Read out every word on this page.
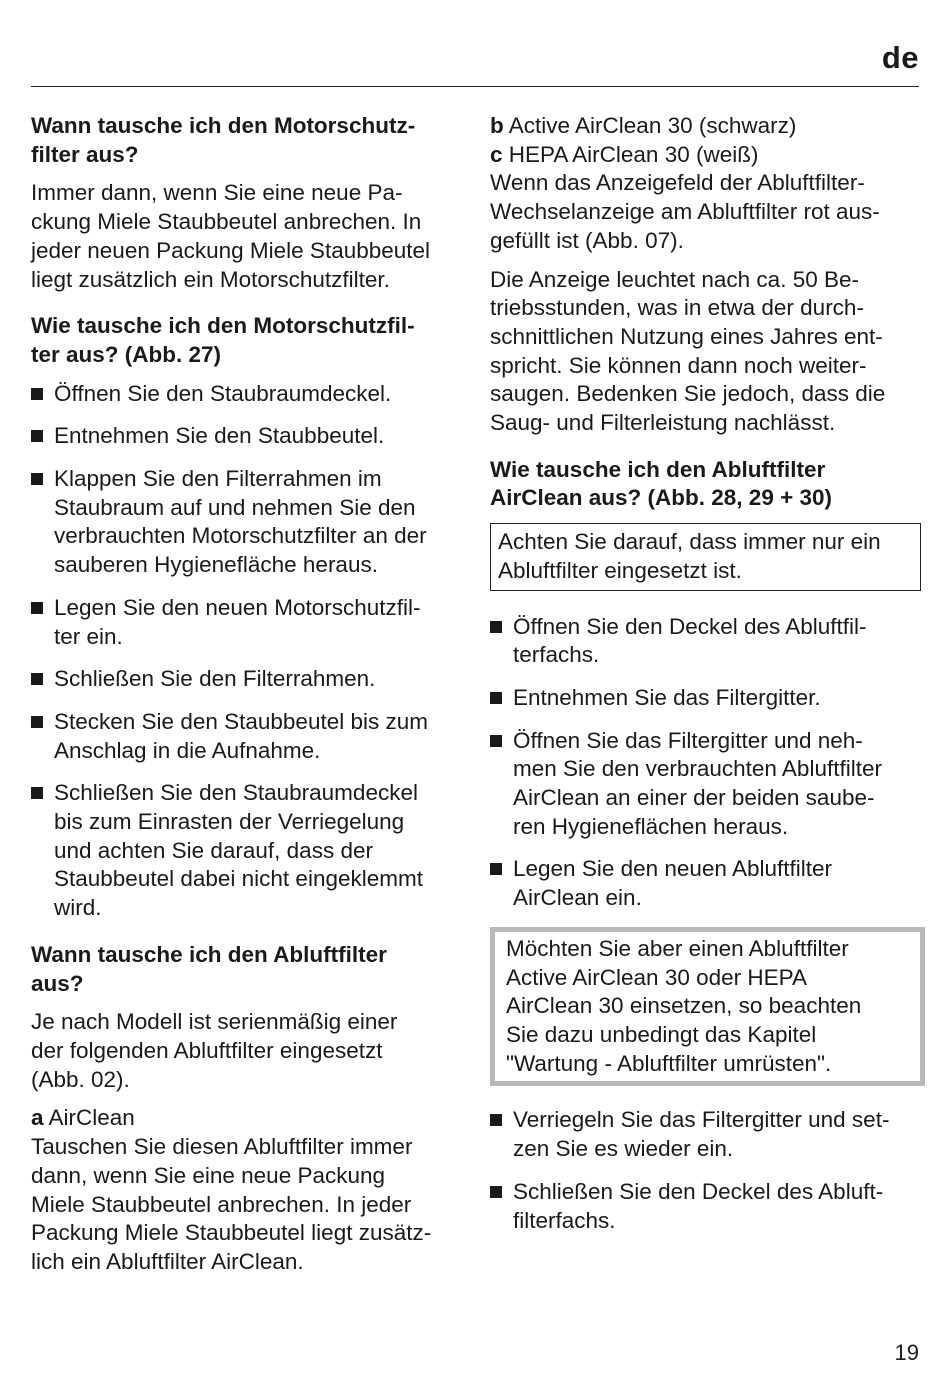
de
Wann tausche ich den Motorschutz-
filter aus?

Immer dann, wenn Sie eine neue Pa-
ckung Miele Staubbeutel anbrechen. In
jeder neuen Packung Miele Staubbeutel
liegt zusätzlich ein Motorschutzfilter.

Wie tausche ich den Motorschutzfil-
ter aus? (Abb. 27)
Öffnen Sie den Staubraumdeckel.
Entnehmen Sie den Staubbeutel.
Klappen Sie den Filterrahmen im
Staubraum auf und nehmen Sie den
verbrauchten Motorschutzfilter an der
sauberen Hygienefläche heraus.
Legen Sie den neuen Motorschutzfil-
ter ein.
Schließen Sie den Filterrahmen.
Stecken Sie den Staubbeutel bis zum
Anschlag in die Aufnahme.
Schließen Sie den Staubraumdeckel
bis zum Einrasten der Verriegelung
und achten Sie darauf, dass der
Staubbeutel dabei nicht eingeklemmt
wird.
Wann tausche ich den Abluftfilter
aus?

Je nach Modell ist serienmäßig einer
der folgenden Abluftfilter eingesetzt
(Abb. 02).

a AirClean
Tauschen Sie diesen Abluftfilter immer
dann, wenn Sie eine neue Packung
Miele Staubbeutel anbrechen. In jeder
Packung Miele Staubbeutel liegt zusätz-
lich ein Abluftfilter AirClean.

b Active AirClean 30 (schwarz)
c HEPA AirClean 30 (weiß)
Wenn das Anzeigefeld der Abluftfilter-
Wechselanzeige am Abluftfilter rot aus-
gefüllt ist (Abb. 07).

Die Anzeige leuchtet nach ca. 50 Be-
triebsstunden, was in etwa der durch-
schnittlichen Nutzung eines Jahres ent-
spricht. Sie können dann noch weiter-
saugen. Bedenken Sie jedoch, dass die
Saug- und Filterleistung nachlässt.

Wie tausche ich den Abluftfilter
AirClean aus? (Abb. 28, 29 + 30)
Achten Sie darauf, dass immer nur ein
Abluftfilter eingesetzt ist.
Öffnen Sie den Deckel des Abluftfil-
terfachs.
Entnehmen Sie das Filtergitter.
Öffnen Sie das Filtergitter und neh-
men Sie den verbrauchten Abluftfilter
AirClean an einer der beiden saube-
ren Hygieneflächen heraus.
Legen Sie den neuen Abluftfilter
AirClean ein.
Möchten Sie aber einen Abluftfilter
Active AirClean 30 oder HEPA
AirClean 30 einsetzen, so beachten
Sie dazu unbedingt das Kapitel
"Wartung - Abluftfilter umrüsten".
Verriegeln Sie das Filtergitter und set-
zen Sie es wieder ein.
Schließen Sie den Deckel des Abluft-
filterfachs.
19
